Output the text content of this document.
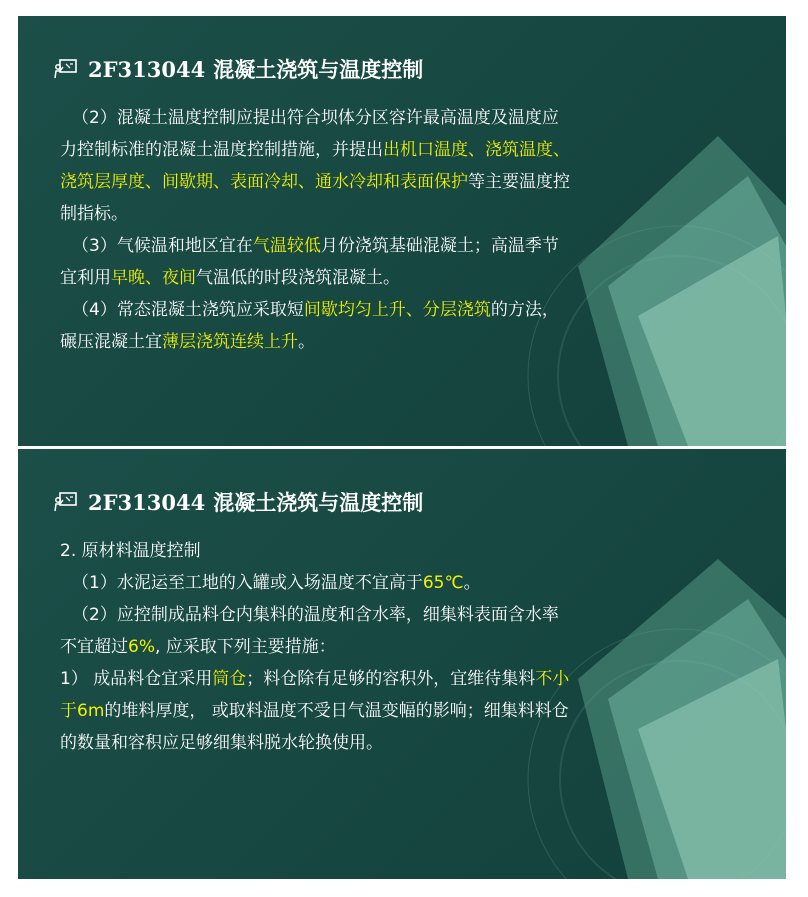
2F313044 混凝土浇筑与温度控制

（2）混凝土温度控制应提出符合坝体分区容许最高温度及温度应力控制标准的混凝土温度控制措施，并提出出机口温度、浇筑温度、浇筑层厚度、间歇期、表面冷却、通水冷却和表面保护等主要温度控制指标。

（3）气候温和地区宜在气温较低月份浇筑基础混凝土；高温季节宜利用早晚、夜间气温低的时段浇筑混凝土。

（4）常态混凝土浇筑应采取短间歇均匀上升、分层浇筑的方法，碾压混凝土宜薄层浇筑连续上升。

2F313044 混凝土浇筑与温度控制

2. 原材料温度控制

（1）水泥运至工地的入罐或入场温度不宜高于65℃。

（2）应控制成品料仓内集料的温度和含水率，细集料表面含水率不宜超过6%, 应采取下列主要措施：

1） 成品料仓宜采用筒仓；料仓除有足够的容积外，宜维待集料不小于6m的堆料厚度， 或取料温度不受日气温变幅的影响；细集料料仓的数量和容积应足够细集料脱水轮换使用。
